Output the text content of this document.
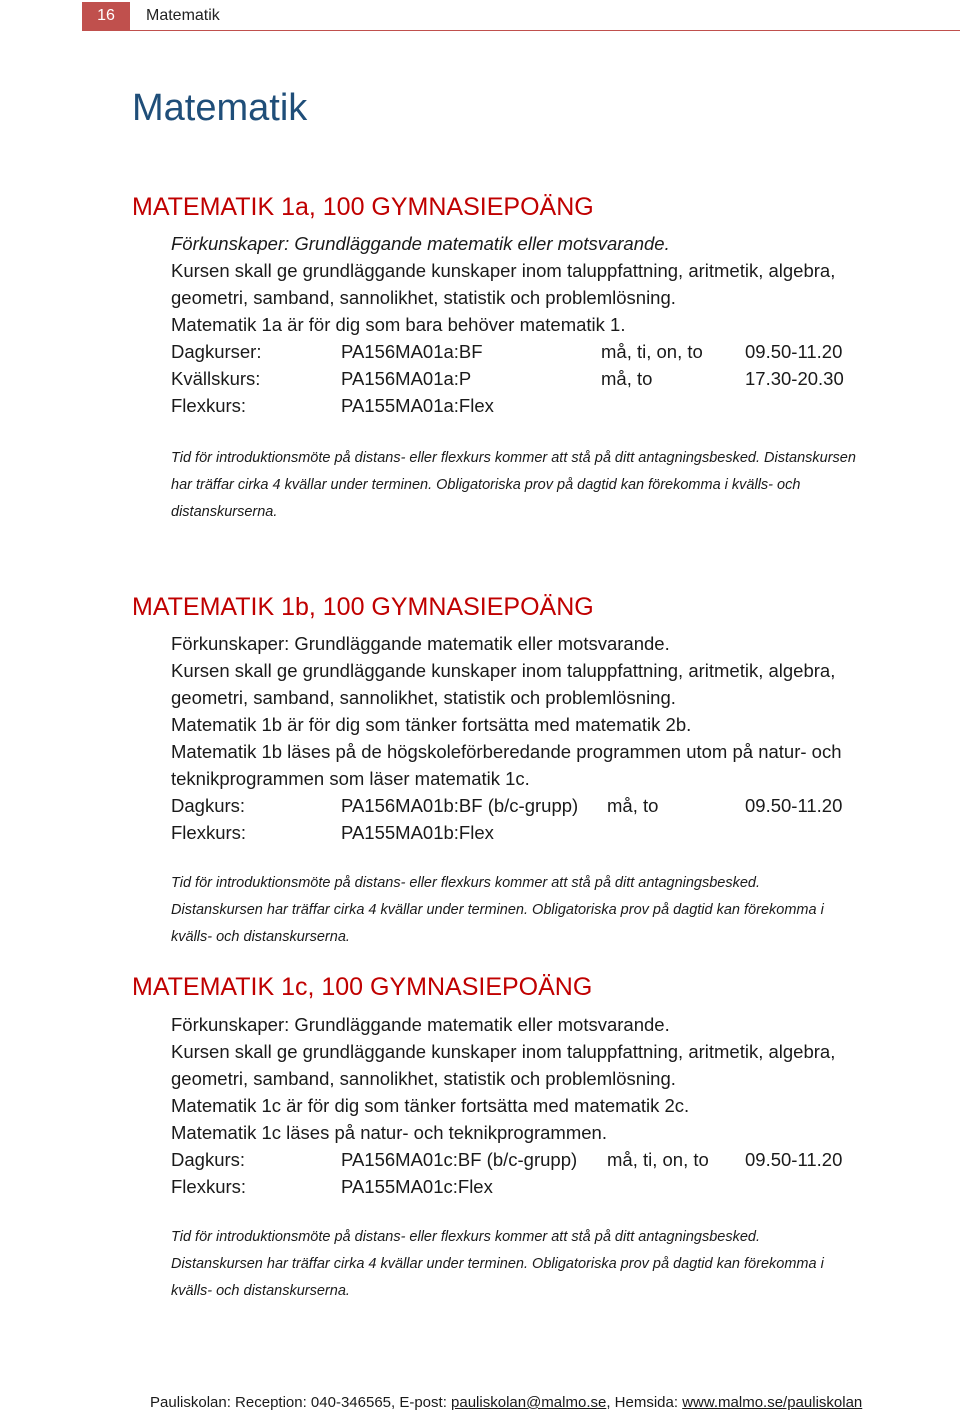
16	Matematik
Matematik
MATEMATIK 1a, 100 GYMNASIEPOÄNG
Förkunskaper: Grundläggande matematik eller motsvarande.
Kursen skall ge grundläggande kunskaper inom taluppfattning, aritmetik, algebra,
geometri, samband, sannolikhet, statistik och problemlösning.
Matematik 1a är för dig som bara behöver matematik 1.
Dagkurser:	PA156MA01a:BF	må, ti, on, to 09.50-11.20
Kvällskurs:	PA156MA01a:P	må, to	17.30-20.30
Flexkurs:	PA155MA01a:Flex
Tid för introduktionsmöte på distans- eller flexkurs kommer att stå på ditt antagningsbesked. Distanskursen
har träffar cirka 4 kvällar under terminen. Obligatoriska prov på dagtid kan förekomma i kvälls- och
distanskurserna.
MATEMATIK 1b, 100 GYMNASIEPOÄNG
Förkunskaper: Grundläggande matematik eller motsvarande.
Kursen skall ge grundläggande kunskaper inom taluppfattning, aritmetik, algebra,
geometri, samband, sannolikhet, statistik och problemlösning.
Matematik 1b är för dig som tänker fortsätta med matematik 2b.
Matematik 1b läses på de högskoleförberedande programmen utom på natur- och
teknikprogrammen som läser matematik 1c.
Dagkurs:	PA156MA01b:BF (b/c-grupp) må, to	09.50-11.20
Flexkurs:	PA155MA01b:Flex
Tid för introduktionsmöte på distans- eller flexkurs kommer att stå på ditt antagningsbesked.
Distanskursen har träffar cirka 4 kvällar under terminen. Obligatoriska prov på dagtid kan förekomma i
kvälls- och distanskurserna.
MATEMATIK 1c, 100 GYMNASIEPOÄNG
Förkunskaper: Grundläggande matematik eller motsvarande.
Kursen skall ge grundläggande kunskaper inom taluppfattning, aritmetik, algebra,
geometri, samband, sannolikhet, statistik och problemlösning.
Matematik 1c är för dig som tänker fortsätta med matematik 2c.
Matematik 1c läses på natur- och teknikprogrammen.
Dagkurs:	PA156MA01c:BF (b/c-grupp) må, ti, on, to 09.50-11.20
Flexkurs:	PA155MA01c:Flex
Tid för introduktionsmöte på distans- eller flexkurs kommer att stå på ditt antagningsbesked.
Distanskursen har träffar cirka 4 kvällar under terminen. Obligatoriska prov på dagtid kan förekomma i
kvälls- och distanskurserna.
Pauliskolan: Reception: 040-346565, E-post: pauliskolan@malmo.se, Hemsida: www.malmo.se/pauliskolan
